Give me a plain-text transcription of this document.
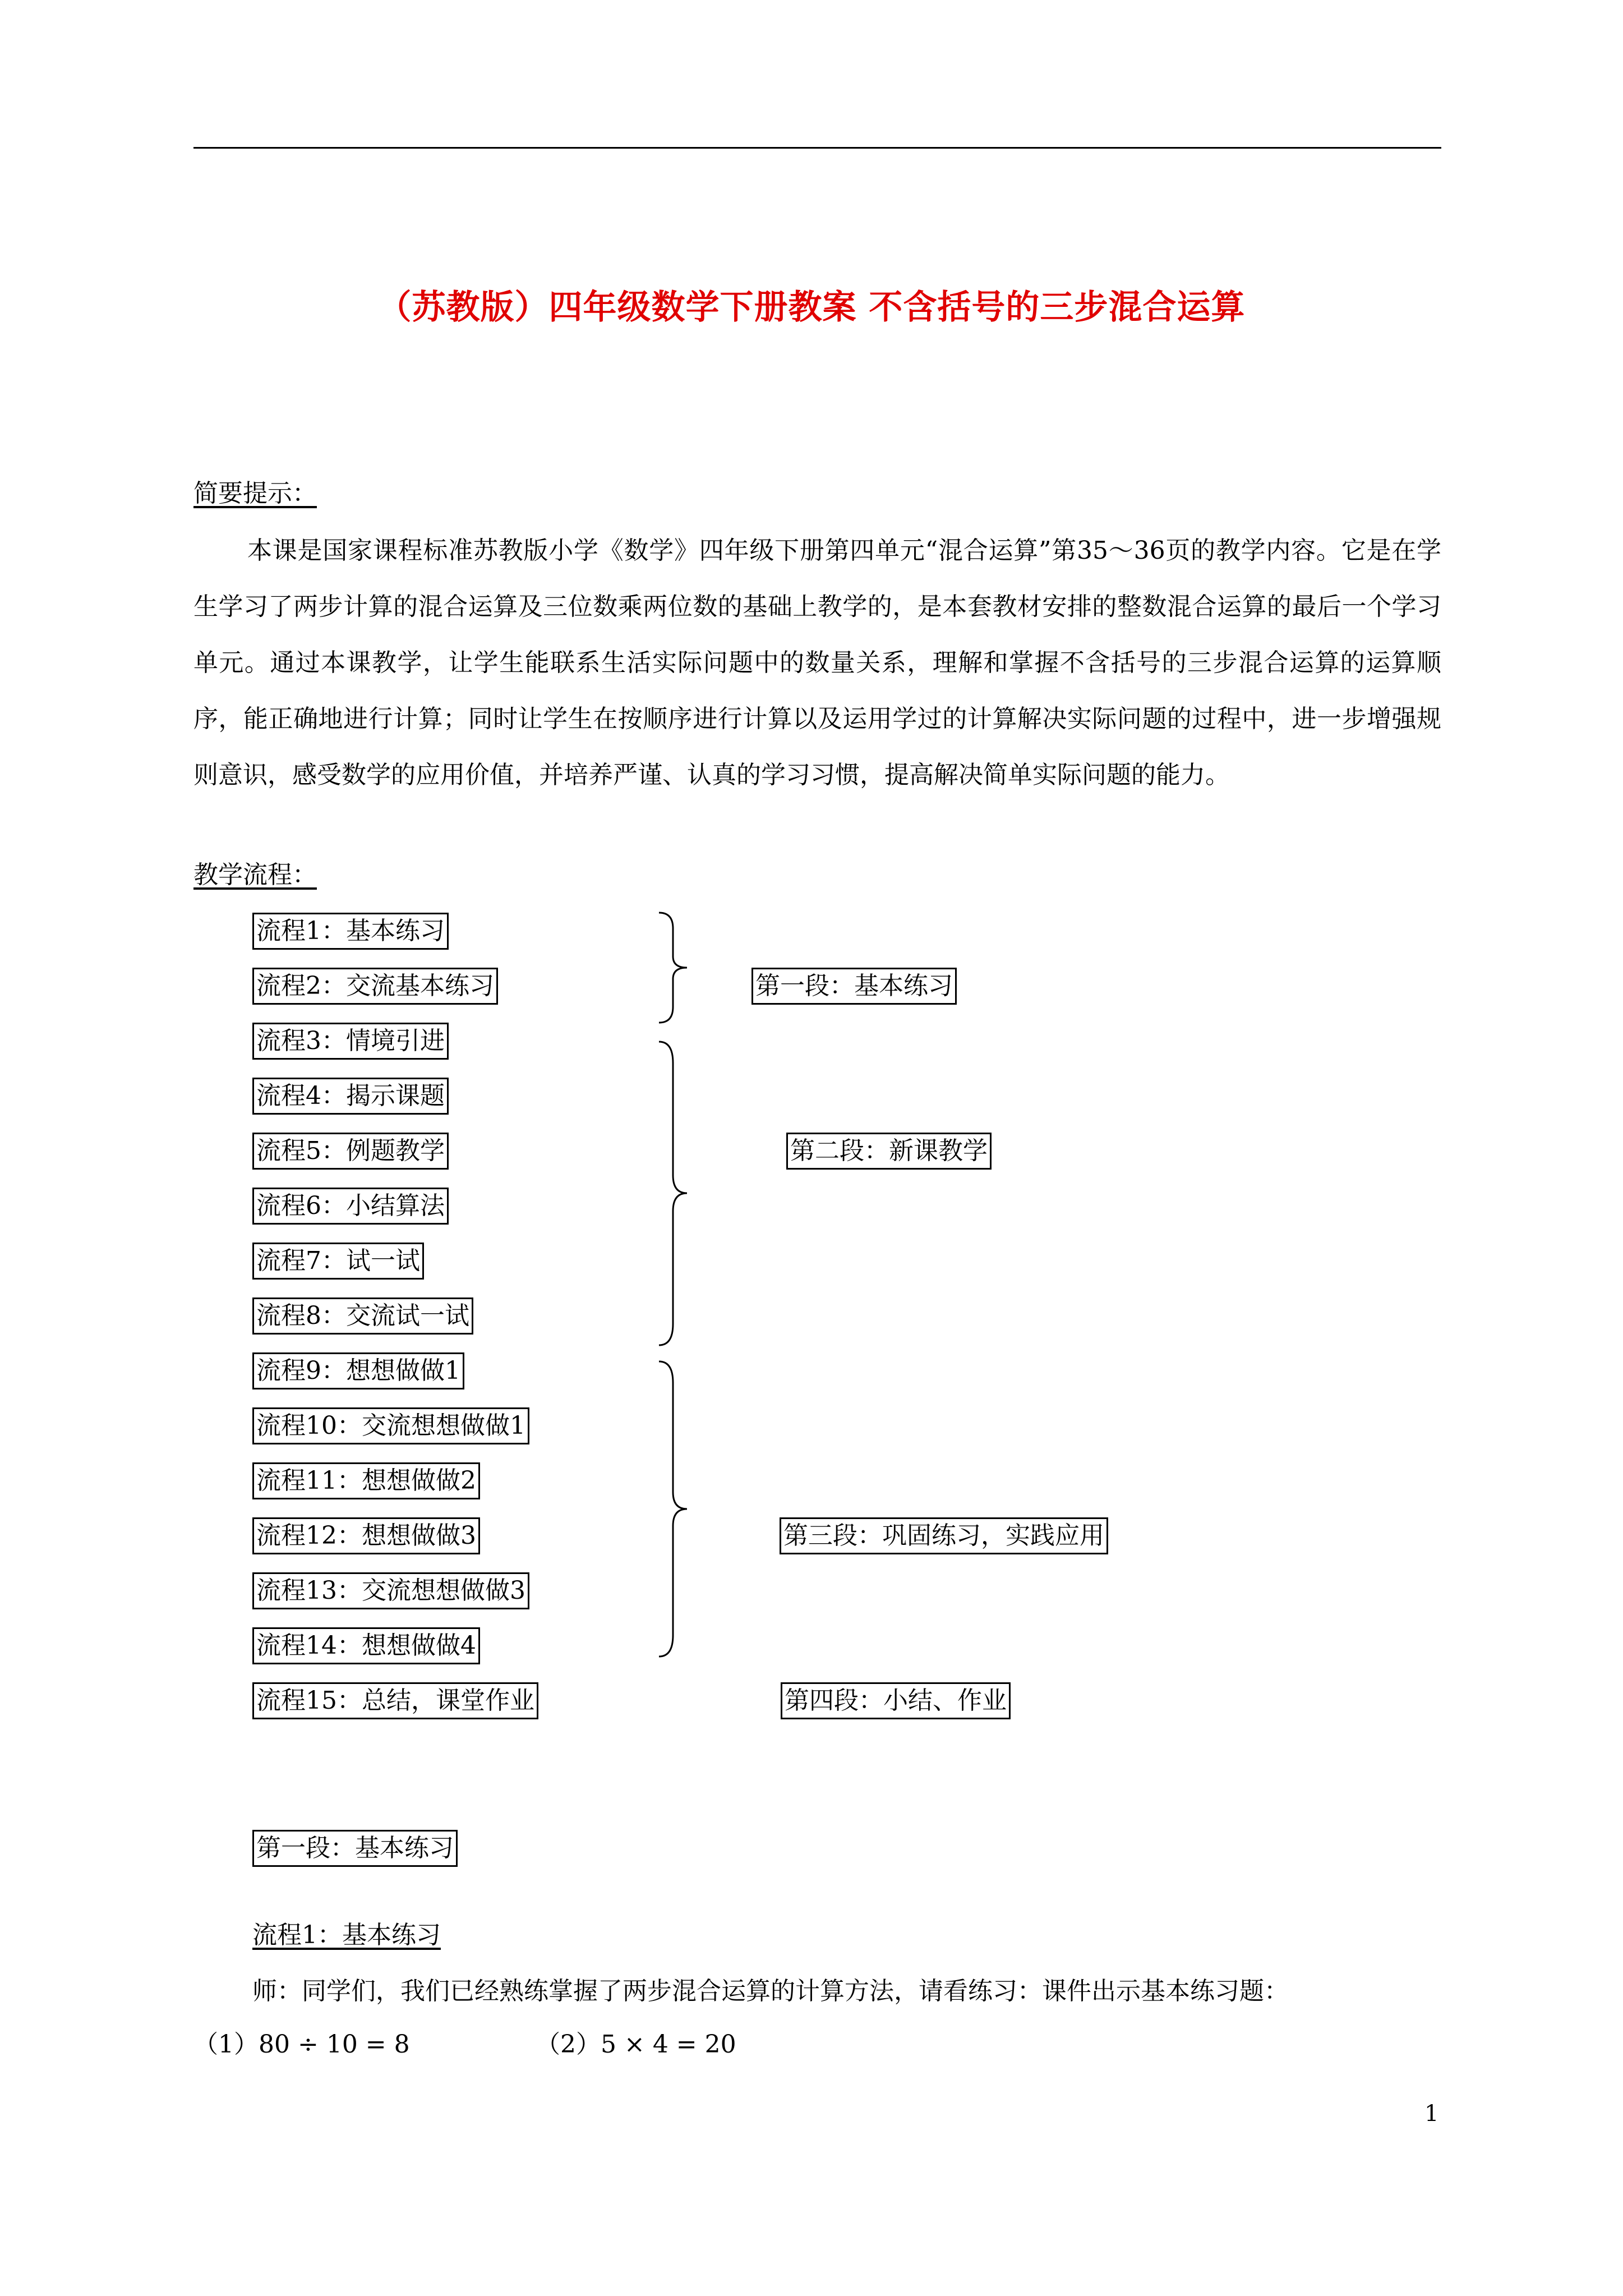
（苏教版）四年级数学下册教案 不含括号的三步混合运算
简要提示：

本课是国家课程标准苏教版小学《数学》四年级下册第四单元“混合运算”第35～36页的教学内容。它是在学生学习了两步计算的混合运算及三位数乘两位数的基础上教学的，是本套教材安排的整数混合运算的最后一个学习单元。通过本课教学，让学生能联系生活实际问题中的数量关系，理解和掌握不含括号的三步混合运算的运算顺序，能正确地进行计算；同时让学生在按顺序进行计算以及运用学过的计算解决实际问题的过程中，进一步增强规则意识，感受数学的应用价值，并培养严谨、认真的学习习惯，提高解决简单实际问题的能力。

教学流程：
流程1：基本练习
流程2：交流基本练习
流程3：情境引进
流程4：揭示课题
流程5：例题教学
流程6：小结算法
流程7：试一试
流程8：交流试一试
流程9：想想做做1
流程10：交流想想做做1
流程11：想想做做2
流程12：想想做做3
流程13：交流想想做做3
流程14：想想做做4
流程15：总结，课堂作业
第一段：基本练习
第二段：新课教学
第三段：巩固练习，实践应用
第四段：小结、作业
第一段：基本练习
流程1：基本练习
师：同学们，我们已经熟练掌握了两步混合运算的计算方法，请看练习：课件出示基本练习题：
（1）80 ÷ 10 = 8	（2）5 × 4 = 20
1
